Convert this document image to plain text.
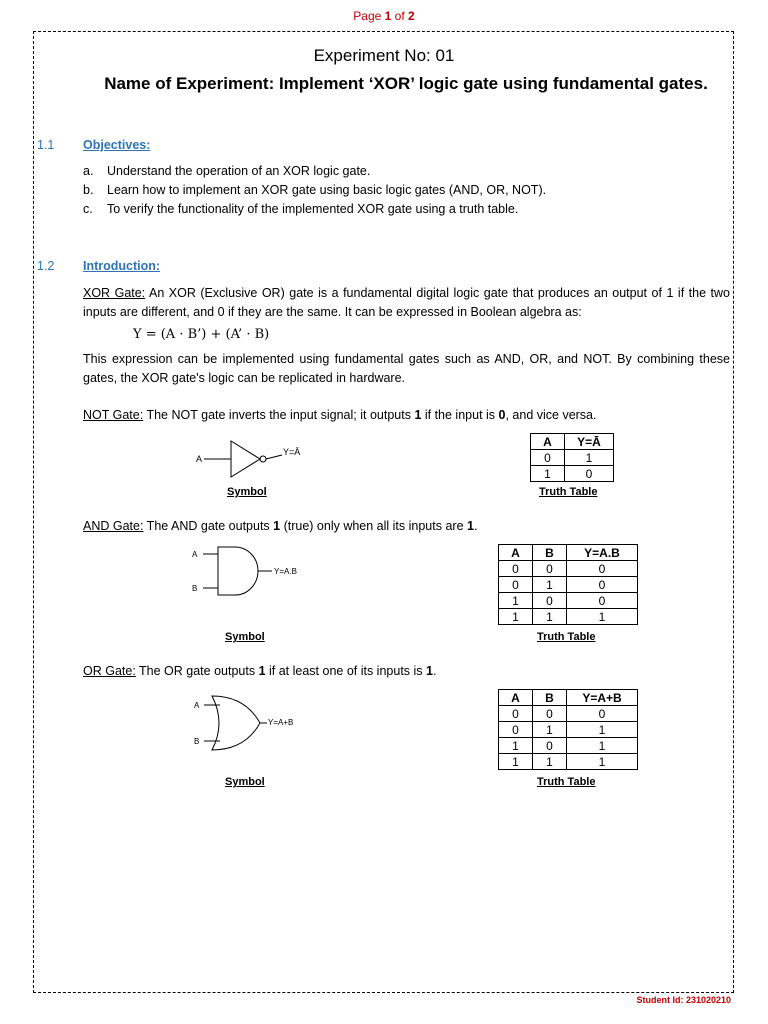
Page 1 of 2
Experiment No: 01
Name of Experiment: Implement ‘XOR’ logic gate using fundamental gates.
1.1 Objectives:
a. Understand the operation of an XOR logic gate.
b. Learn how to implement an XOR gate using basic logic gates (AND, OR, NOT).
c. To verify the functionality of the implemented XOR gate using a truth table.
1.2 Introduction:
XOR Gate: An XOR (Exclusive OR) gate is a fundamental digital logic gate that produces an output of 1 if the two inputs are different, and 0 if they are the same. It can be expressed in Boolean algebra as:
Y = (A · B’) + (A’ · B)
This expression can be implemented using fundamental gates such as AND, OR, and NOT. By combining these gates, the XOR gate's logic can be replicated in hardware.
NOT Gate: The NOT gate inverts the input signal; it outputs 1 if the input is 0, and vice versa.
A
Y=Ā
Symbol
A	Y=Ā
0	1
1	0
Truth Table
AND Gate: The AND gate outputs 1 (true) only when all its inputs are 1.
A
B
Y=A.B
Symbol
A	B	Y=A.B
0	0	0
0	1	0
1	0	0
1	1	1
Truth Table
OR Gate: The OR gate outputs 1 if at least one of its inputs is 1.
A
B
Y=A+B
Symbol
A	B	Y=A+B
0	0	0
0	1	1
1	0	1
1	1	1
Truth Table
Student Id: 231020210
